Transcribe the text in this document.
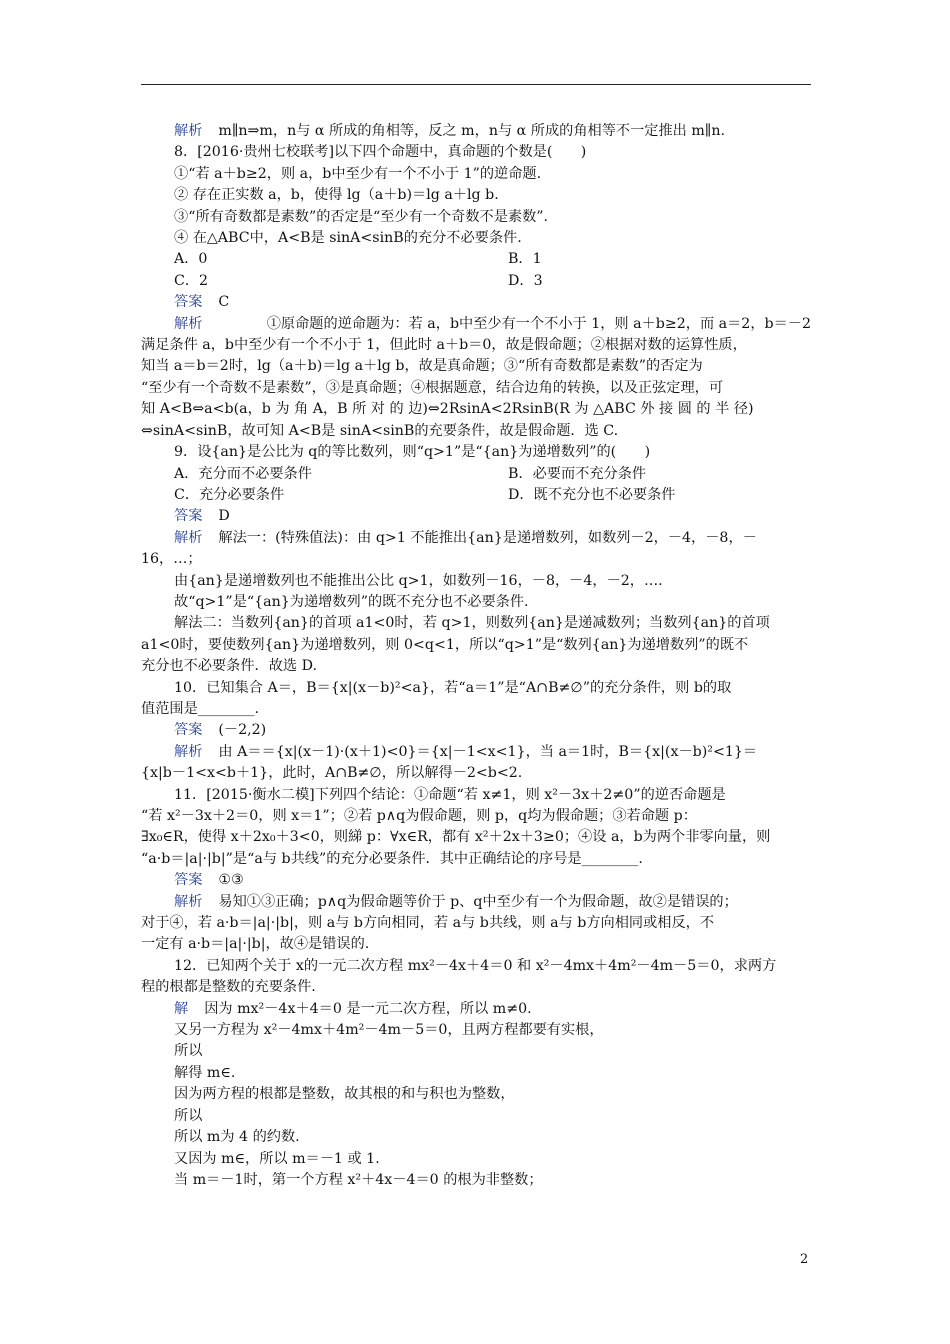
解析 m∥n⇒m，n与 α 所成的角相等，反之 m，n与 α 所成的角相等不一定推出 m∥n.
8．[2016·贵州七校联考]以下四个命题中，真命题的个数是(　　)
①“若 a＋b≥2，则 a，b中至少有一个不小于 1”的逆命题.
② 存在正实数 a，b，使得 lg（a＋b)＝lg a＋lg b.
③“所有奇数都是素数”的否定是“至少有一个奇数不是素数”.
④ 在△ABC中，A<B是 sinA<sinB的充分不必要条件.
A．0	B．1
C．2	D．3
答案 C
解析	①原命题的逆命题为：若 a，b中至少有一个不小于 1，则 a＋b≥2，而 a＝2，b＝－2
满足条件 a，b中至少有一个不小于 1，但此时 a＋b＝0，故是假命题；②根据对数的运算性质，
知当 a＝b＝2时，lg（a＋b)＝lg a＋lg b，故是真命题；③“所有奇数都是素数”的否定为
“至少有一个奇数不是素数”，③是真命题；④根据题意，结合边角的转换，以及正弦定理，可
知 A<B⇔a<b(a，b 为 角 A，B 所 对 的 边)⇔2RsinA<2RsinB(R 为 △ABC 外 接 圆 的 半 径)
⇔sinA<sinB，故可知 A<B是 sinA<sinB的充要条件，故是假命题．选 C.
9．设{an}是公比为 q的等比数列，则“q>1”是“{an}为递增数列”的(　　)
A．充分而不必要条件	B．必要而不充分条件
C．充分必要条件	D．既不充分也不必要条件
答案 D
解析 解法一：(特殊值法)：由 q>1 不能推出{an}是递增数列，如数列－2，－4，－8，－
16，…；
由{an}是递增数列也不能推出公比 q>1，如数列－16，－8，－4，－2，….
故“q>1”是“{an}为递增数列”的既不充分也不必要条件.
解法二：当数列{an}的首项 a1<0时，若 q>1，则数列{an}是递减数列；当数列{an}的首项
a1<0时，要使数列{an}为递增数列，则 0<q<1，所以“q>1”是“数列{an}为递增数列”的既不
充分也不必要条件．故选 D.
10．已知集合 A＝，B＝{x|(x－b)²<a}，若“a＝1”是“A∩B≠∅”的充分条件，则 b的取
值范围是________.
答案 (－2,2)
解析 由 A＝＝{x|(x－1)·(x＋1)<0}＝{x|－1<x<1}，当 a＝1时，B＝{x|(x－b)²<1}＝
{x|b－1<x<b＋1}，此时，A∩B≠∅，所以解得－2<b<2.
11．[2015·衡水二模]下列四个结论：①命题“若 x≠1，则 x²－3x＋2≠0”的逆否命题是
“若 x²－3x＋2＝0，则 x＝1”；②若 p∧q为假命题，则 p，q均为假命题；③若命题 p：
∃x₀∈R，使得 x＋2x₀＋3<0，则綈 p：∀x∈R，都有 x²＋2x＋3≥0；④设 a，b为两个非零向量，则
“a·b＝|a|·|b|”是“a与 b共线”的充分必要条件．其中正确结论的序号是________.
答案 ①③
解析 易知①③正确；p∧q为假命题等价于 p、q中至少有一个为假命题，故②是错误的；
对于④，若 a·b＝|a|·|b|，则 a与 b方向相同，若 a与 b共线，则 a与 b方向相同或相反，不
一定有 a·b＝|a|·|b|，故④是错误的.
12．已知两个关于 x的一元二次方程 mx²－4x＋4＝0 和 x²－4mx＋4m²－4m－5＝0，求两方
程的根都是整数的充要条件.
解 因为 mx²－4x＋4＝0 是一元二次方程，所以 m≠0.
又另一方程为 x²－4mx＋4m²－4m－5＝0，且两方程都要有实根，
所以
解得 m∈.
因为两方程的根都是整数，故其根的和与积也为整数，
所以
所以 m为 4 的约数.
又因为 m∈，所以 m＝－1 或 1.
当 m＝－1时，第一个方程 x²＋4x－4＝0 的根为非整数；
2
